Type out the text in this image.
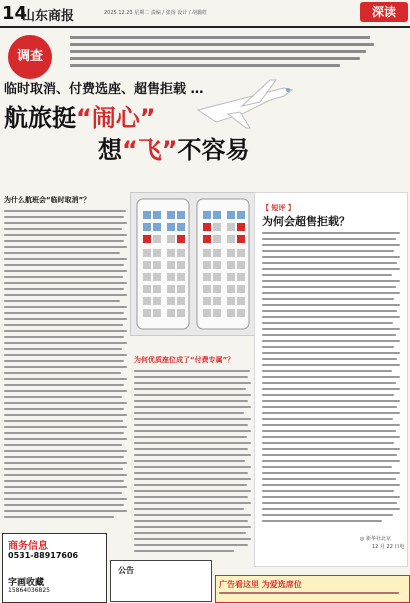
14
山东商报	2025.12.23 星期二 责编 / 张扬 设计 / 胡璐虹	深读
调查
临时取消、付费选座、超售拒载 …
航旅挺“闹心”
想“飞”不容易
为什么航班会“临时取消”？
为何优质座位成了“付费专属”？
【 短评 】
为何会超售拒载？
◎ 新华社北京
12 月 22 日电
商务信息
0531-88917606
字画收藏
15864036825
公告
广告看这里 为爱选席位
